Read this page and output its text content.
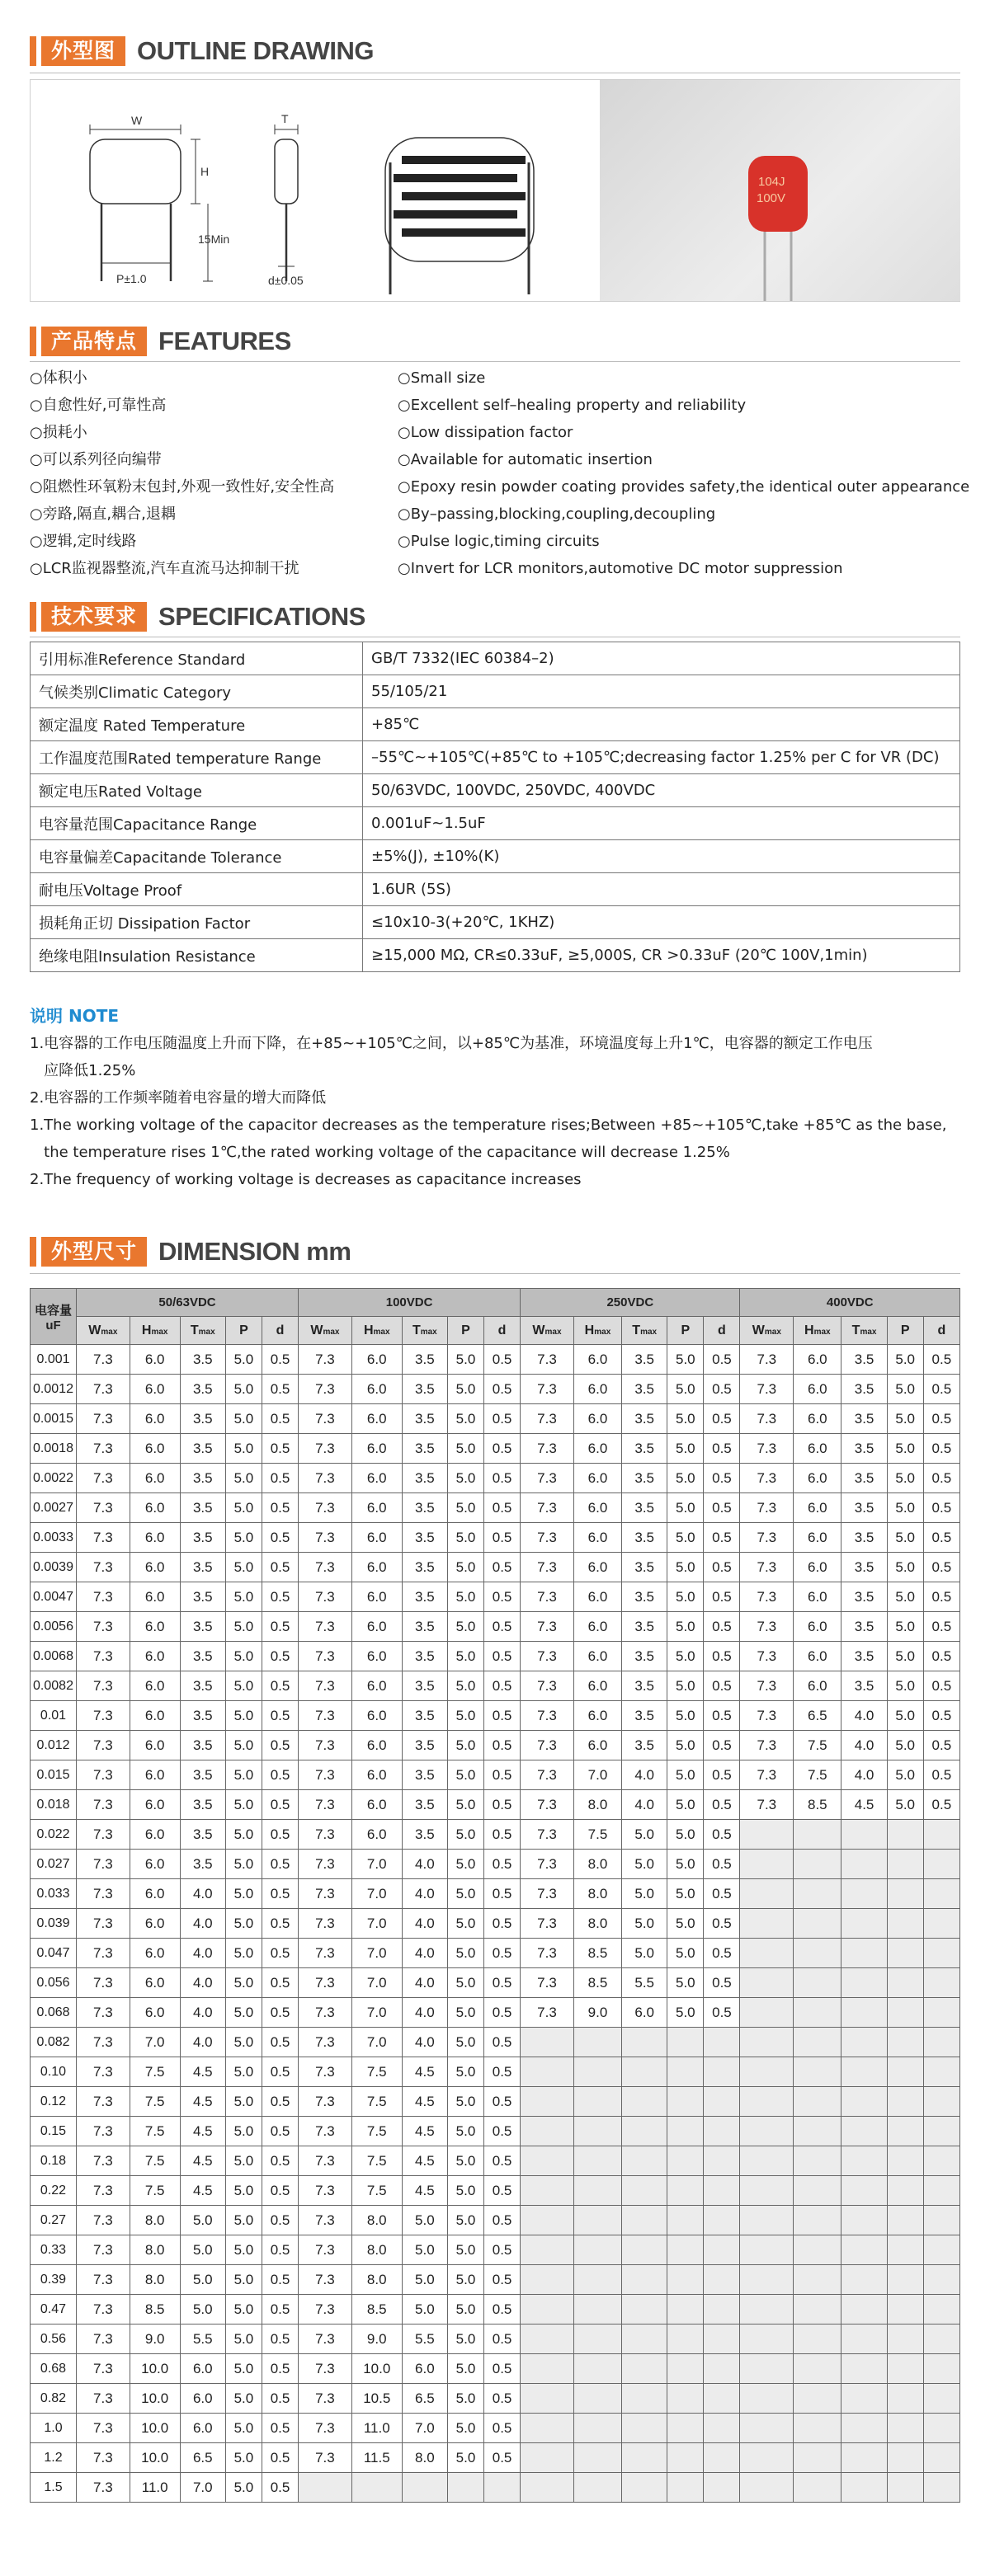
外型图 OUTLINE DRAWING
W
H
T
15Min
P±1.0	d±0.05
104J
100V
产品特点 FEATURES
○体积小
○自愈性好,可靠性高
○损耗小
○可以系列径向编带
○阻燃性环氧粉末包封,外观一致性好,安全性高
○旁路,隔直,耦合,退耦
○逻辑,定时线路
○LCR监视器整流,汽车直流马达抑制干扰
○Small size
○Excellent self–healing property and reliability
○Low dissipation factor
○Available for automatic insertion
○Epoxy resin powder coating provides safety,the identical outer appearance
○By–passing,blocking,coupling,decoupling
○Pulse logic,timing circuits
○Invert for LCR monitors,automotive DC motor suppression
技术要求 SPECIFICATIONS
引用标准Reference Standard	GB/T 7332(IEC 60384–2)
气候类别Climatic Category	55/105/21
额定温度 Rated Temperature	+85℃
工作温度范围Rated temperature Range	–55℃~+105℃(+85℃ to +105℃;decreasing factor 1.25% per C for VR (DC)
额定电压Rated Voltage	50/63VDC, 100VDC, 250VDC, 400VDC
电容量范围Capacitance Range	0.001uF~1.5uF
电容量偏差Capacitande Tolerance	±5%(J), ±10%(K)
耐电压Voltage Proof	1.6UR (5S)
损耗角正切 Dissipation Factor	≤10x10-3(+20℃, 1KHZ)
绝缘电阻Insulation Resistance	≥15,000 MΩ, CR≤0.33uF, ≥5,000S, CR >0.33uF (20℃ 100V,1min)
说明 NOTE
1.电容器的工作电压随温度上升而下降，在+85~+105℃之间，以+85℃为基准，环境温度每上升1℃，电容器的额定工作电压
应降低1.25%
2.电容器的工作频率随着电容量的增大而降低
1.The working voltage of the capacitor decreases as the temperature rises;Between +85~+105℃,take +85℃ as the base,
the temperature rises 1℃,the rated working voltage of the capacitance will decrease 1.25%
2.The frequency of working voltage is decreases as capacitance increases
外型尺寸 DIMENSION mm
电容量
uF	50/63VDC					100VDC					250VDC					400VDC				
	Wmax	Hmax	Tmax	P	d	Wmax	Hmax	Tmax	P	d	Wmax	Hmax	Tmax	P	d	Wmax	Hmax	Tmax	P	d
0.001	7.3	6.0	3.5	5.0	0.5	7.3	6.0	3.5	5.0	0.5	7.3	6.0	3.5	5.0	0.5	7.3	6.0	3.5	5.0	0.5
0.0012	7.3	6.0	3.5	5.0	0.5	7.3	6.0	3.5	5.0	0.5	7.3	6.0	3.5	5.0	0.5	7.3	6.0	3.5	5.0	0.5
0.0015	7.3	6.0	3.5	5.0	0.5	7.3	6.0	3.5	5.0	0.5	7.3	6.0	3.5	5.0	0.5	7.3	6.0	3.5	5.0	0.5
0.0018	7.3	6.0	3.5	5.0	0.5	7.3	6.0	3.5	5.0	0.5	7.3	6.0	3.5	5.0	0.5	7.3	6.0	3.5	5.0	0.5
0.0022	7.3	6.0	3.5	5.0	0.5	7.3	6.0	3.5	5.0	0.5	7.3	6.0	3.5	5.0	0.5	7.3	6.0	3.5	5.0	0.5
0.0027	7.3	6.0	3.5	5.0	0.5	7.3	6.0	3.5	5.0	0.5	7.3	6.0	3.5	5.0	0.5	7.3	6.0	3.5	5.0	0.5
0.0033	7.3	6.0	3.5	5.0	0.5	7.3	6.0	3.5	5.0	0.5	7.3	6.0	3.5	5.0	0.5	7.3	6.0	3.5	5.0	0.5
0.0039	7.3	6.0	3.5	5.0	0.5	7.3	6.0	3.5	5.0	0.5	7.3	6.0	3.5	5.0	0.5	7.3	6.0	3.5	5.0	0.5
0.0047	7.3	6.0	3.5	5.0	0.5	7.3	6.0	3.5	5.0	0.5	7.3	6.0	3.5	5.0	0.5	7.3	6.0	3.5	5.0	0.5
0.0056	7.3	6.0	3.5	5.0	0.5	7.3	6.0	3.5	5.0	0.5	7.3	6.0	3.5	5.0	0.5	7.3	6.0	3.5	5.0	0.5
0.0068	7.3	6.0	3.5	5.0	0.5	7.3	6.0	3.5	5.0	0.5	7.3	6.0	3.5	5.0	0.5	7.3	6.0	3.5	5.0	0.5
0.0082	7.3	6.0	3.5	5.0	0.5	7.3	6.0	3.5	5.0	0.5	7.3	6.0	3.5	5.0	0.5	7.3	6.0	3.5	5.0	0.5
0.01	7.3	6.0	3.5	5.0	0.5	7.3	6.0	3.5	5.0	0.5	7.3	6.0	3.5	5.0	0.5	7.3	6.5	4.0	5.0	0.5
0.012	7.3	6.0	3.5	5.0	0.5	7.3	6.0	3.5	5.0	0.5	7.3	6.0	3.5	5.0	0.5	7.3	7.5	4.0	5.0	0.5
0.015	7.3	6.0	3.5	5.0	0.5	7.3	6.0	3.5	5.0	0.5	7.3	7.0	4.0	5.0	0.5	7.3	7.5	4.0	5.0	0.5
0.018	7.3	6.0	3.5	5.0	0.5	7.3	6.0	3.5	5.0	0.5	7.3	8.0	4.0	5.0	0.5	7.3	8.5	4.5	5.0	0.5
0.022	7.3	6.0	3.5	5.0	0.5	7.3	6.0	3.5	5.0	0.5	7.3	7.5	5.0	5.0	0.5					
0.027	7.3	6.0	3.5	5.0	0.5	7.3	7.0	4.0	5.0	0.5	7.3	8.0	5.0	5.0	0.5					
0.033	7.3	6.0	4.0	5.0	0.5	7.3	7.0	4.0	5.0	0.5	7.3	8.0	5.0	5.0	0.5					
0.039	7.3	6.0	4.0	5.0	0.5	7.3	7.0	4.0	5.0	0.5	7.3	8.0	5.0	5.0	0.5					
0.047	7.3	6.0	4.0	5.0	0.5	7.3	7.0	4.0	5.0	0.5	7.3	8.5	5.0	5.0	0.5					
0.056	7.3	6.0	4.0	5.0	0.5	7.3	7.0	4.0	5.0	0.5	7.3	8.5	5.5	5.0	0.5					
0.068	7.3	6.0	4.0	5.0	0.5	7.3	7.0	4.0	5.0	0.5	7.3	9.0	6.0	5.0	0.5					
0.082	7.3	7.0	4.0	5.0	0.5	7.3	7.0	4.0	5.0	0.5										
0.10	7.3	7.5	4.5	5.0	0.5	7.3	7.5	4.5	5.0	0.5										
0.12	7.3	7.5	4.5	5.0	0.5	7.3	7.5	4.5	5.0	0.5										
0.15	7.3	7.5	4.5	5.0	0.5	7.3	7.5	4.5	5.0	0.5										
0.18	7.3	7.5	4.5	5.0	0.5	7.3	7.5	4.5	5.0	0.5										
0.22	7.3	7.5	4.5	5.0	0.5	7.3	7.5	4.5	5.0	0.5										
0.27	7.3	8.0	5.0	5.0	0.5	7.3	8.0	5.0	5.0	0.5										
0.33	7.3	8.0	5.0	5.0	0.5	7.3	8.0	5.0	5.0	0.5										
0.39	7.3	8.0	5.0	5.0	0.5	7.3	8.0	5.0	5.0	0.5										
0.47	7.3	8.5	5.0	5.0	0.5	7.3	8.5	5.0	5.0	0.5										
0.56	7.3	9.0	5.5	5.0	0.5	7.3	9.0	5.5	5.0	0.5										
0.68	7.3	10.0	6.0	5.0	0.5	7.3	10.0	6.0	5.0	0.5										
0.82	7.3	10.0	6.0	5.0	0.5	7.3	10.5	6.5	5.0	0.5										
1.0	7.3	10.0	6.0	5.0	0.5	7.3	11.0	7.0	5.0	0.5										
1.2	7.3	10.0	6.5	5.0	0.5	7.3	11.5	8.0	5.0	0.5										
1.5	7.3	11.0	7.0	5.0	0.5															
